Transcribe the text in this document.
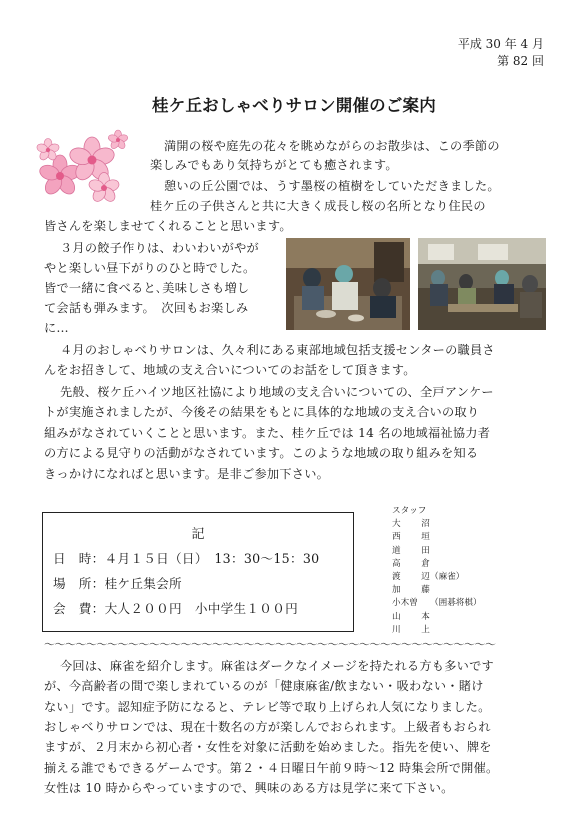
平成 30 年 4 月
第 82 回
桂ケ丘おしゃべりサロン開催のご案内
満開の桜や庭先の花々を眺めながらのお散歩は、この季節の
楽しみでもあり気持ちがとても癒されます。
憩いの丘公園では、うす墨桜の植樹をしていただきました。
桂ケ丘の子供さんと共に大きく成長し桜の名所となり住民の
皆さんを楽しませてくれることと思います。
３月の餃子作りは、わいわいがやが
やと楽しい昼下がりのひと時でした。
皆で一緒に食べると､美味しさも増し
て会話も弾みます。　次回もお楽しみ
に…
４月のおしゃべりサロンは、久々利にある東部地域包括支援センターの職員さ
んをお招きして、地域の支え合いについてのお話をして頂きます。
先般、桜ケ丘ハイツ地区社協により地域の支え合いについての、全戸アンケー
トが実施されましたが、今後その結果をもとに具体的な地域の支え合いの取り
組みがなされていくことと思います。また、桂ケ丘では 14 名の地域福祉協力者
の方による見守りの活動がなされています。このような地域の取り組みを知る
きっかけになればと思います。是非ご参加下さい。
記
日　時：４月１５日（日）　13：30～15：30
場　所：桂ケ丘集会所
会　費：大人２００円　小中学生１００円
スタッフ
大　沼
西　垣
道　田
高　倉
渡　辺（麻雀）
加　藤
小木曽 （囲碁将棋）
山　本
川　上
～～～～～～～～～～～～～～～～～～～～～～～～～～～～～～～～～～～～～～～～～～～
今回は、麻雀を紹介します。麻雀はダークなイメージを持たれる方も多いです
が、今高齢者の間で楽しまれているのが「健康麻雀/飲まない・吸わない・賭け
ない」です。認知症予防になると、テレビ等で取り上げられ人気になりました。
おしゃべりサロンでは、現在十数名の方が楽しんでおられます。上級者もおられ
ますが、２月末から初心者・女性を対象に活動を始めました。指先を使い、牌を
揃える誰でもできるゲームです。第２・４日曜日午前９時～12 時集会所で開催。
女性は 10 時からやっていますので、興味のある方は見学に来て下さい。
